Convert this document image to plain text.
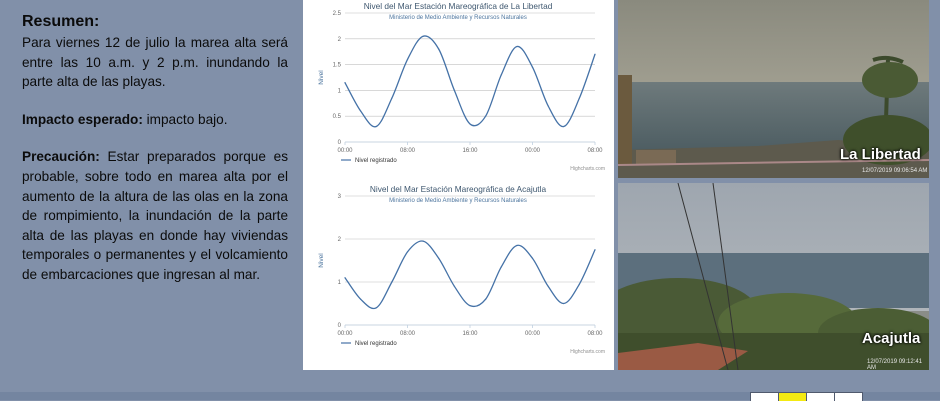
Resumen:

Para viernes 12 de julio la marea alta será entre las 10 a.m. y 2 p.m. inundando la parte alta de las playas.

Impacto esperado: impacto bajo.

Precaución: Estar preparados porque es probable, sobre todo en marea alta por el aumento de la altura de las olas en la zona de rompimiento, la inundación de la parte alta de las playas en donde hay viviendas temporales o permanentes y el volcamiento de embarcaciones que ingresan al mar.

Nivel del Mar Estación Mareográfica de La Libertad
Ministerio de Medio Ambiente y Recursos Naturales
0
0.5
1
1.5
2
2.5
00:00	08:00	16:00	00:00	08:00
Nivel
Nivel registrado
Highcharts.com
Nivel del Mar Estación Mareográfica de Acajutla
Ministerio de Medio Ambiente y Recursos Naturales
0
1
2
3
00:00	08:00	16:00	00:00	08:00
Nivel
Nivel registrado
Highcharts.com
La Libertad
12/07/2019 09:06:54 AM
Acajutla
12/07/2019 09:12:41 AM
